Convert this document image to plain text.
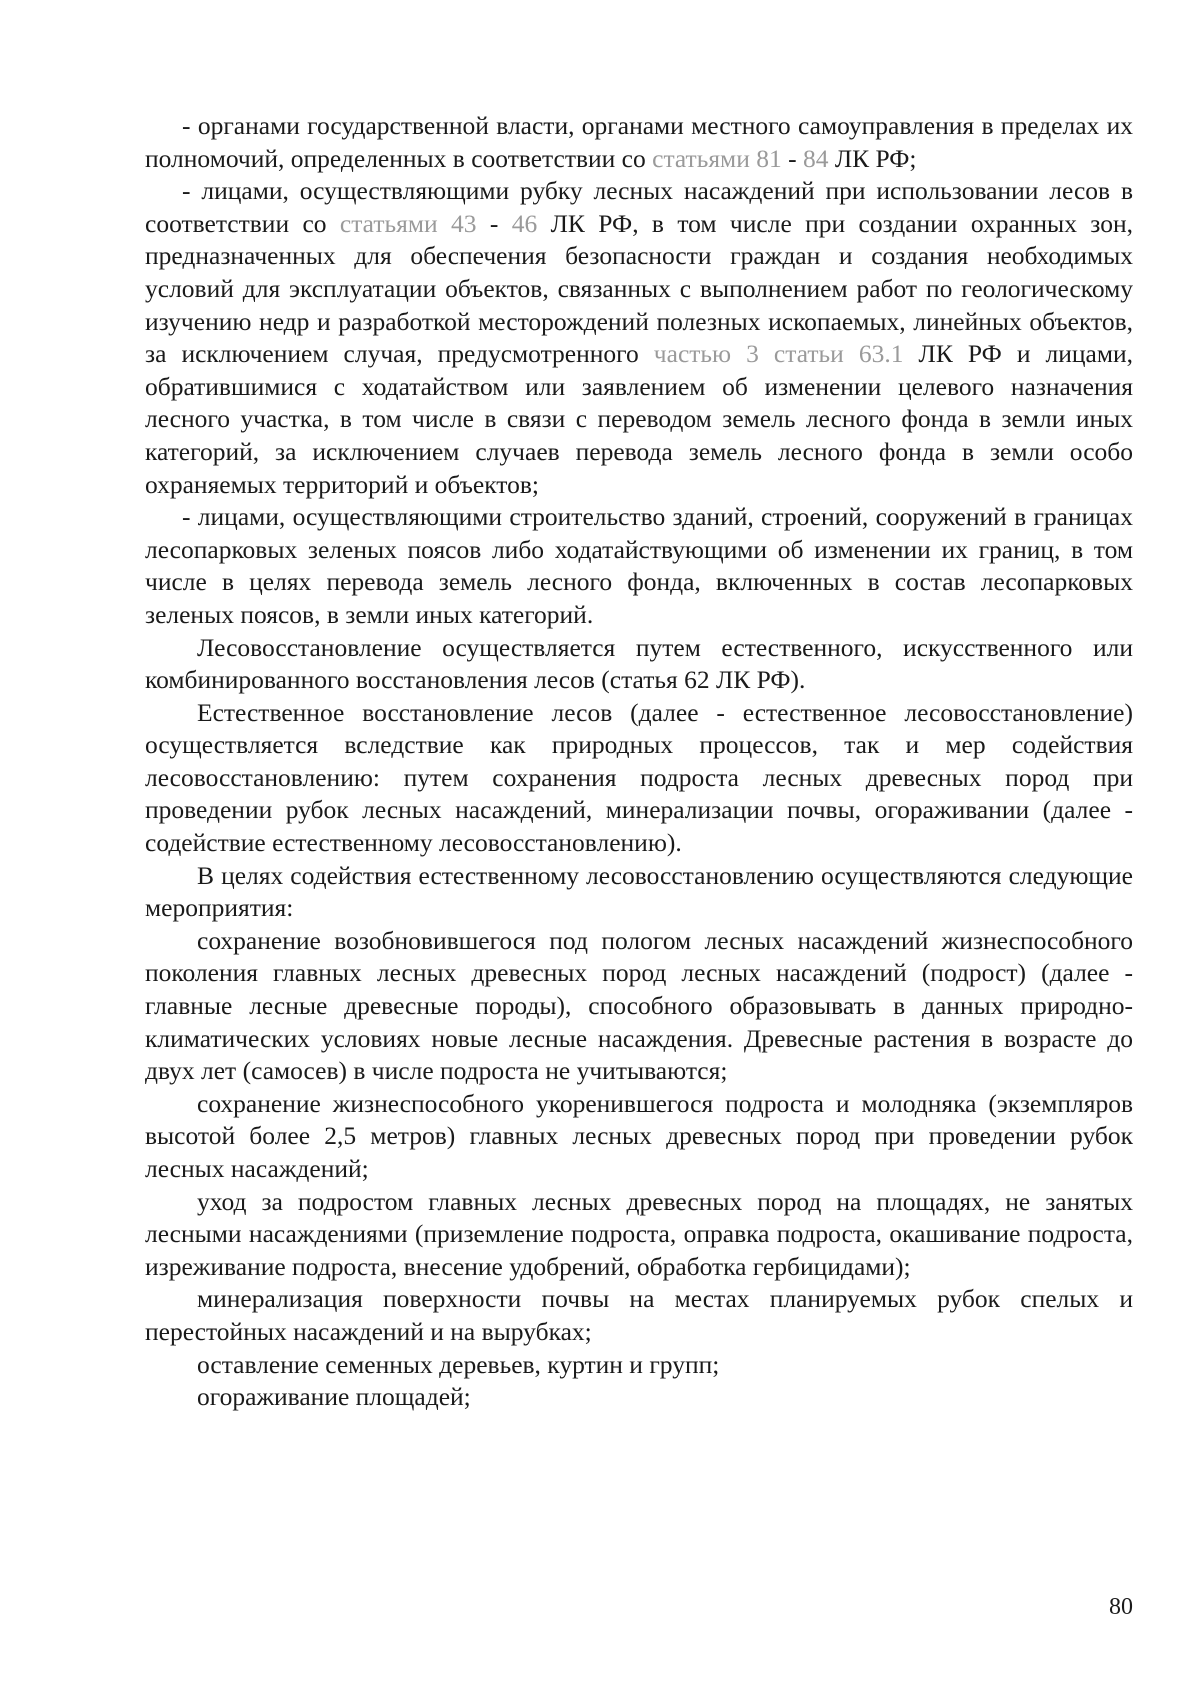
- органами государственной власти, органами местного самоуправления в пределах их полномочий, определенных в соответствии со статьями 81 - 84 ЛК РФ;

- лицами, осуществляющими рубку лесных насаждений при использовании лесов в соответствии со статьями 43 - 46 ЛК РФ, в том числе при создании охранных зон, предназначенных для обеспечения безопасности граждан и создания необходимых условий для эксплуатации объектов, связанных с выполнением работ по геологическому изучению недр и разработкой месторождений полезных ископаемых, линейных объектов, за исключением случая, предусмотренного частью 3 статьи 63.1 ЛК РФ и лицами, обратившимися с ходатайством или заявлением об изменении целевого назначения лесного участка, в том числе в связи с переводом земель лесного фонда в земли иных категорий, за исключением случаев перевода земель лесного фонда в земли особо охраняемых территорий и объектов;

- лицами, осуществляющими строительство зданий, строений, сооружений в границах лесопарковых зеленых поясов либо ходатайствующими об изменении их границ, в том числе в целях перевода земель лесного фонда, включенных в состав лесопарковых зеленых поясов, в земли иных категорий.

Лесовосстановление осуществляется путем естественного, искусственного или комбинированного восстановления лесов (статья 62 ЛК РФ).

Естественное восстановление лесов (далее - естественное лесовосстановление) осуществляется вследствие как природных процессов, так и мер содействия лесовосстановлению: путем сохранения подроста лесных древесных пород при проведении рубок лесных насаждений, минерализации почвы, огораживании (далее - содействие естественному лесовосстановлению).

В целях содействия естественному лесовосстановлению осуществляются следующие мероприятия:

сохранение возобновившегося под пологом лесных насаждений жизнеспособного поколения главных лесных древесных пород лесных насаждений (подрост) (далее - главные лесные древесные породы), способного образовывать в данных природно-климатических условиях новые лесные насаждения. Древесные растения в возрасте до двух лет (самосев) в числе подроста не учитываются;

сохранение жизнеспособного укоренившегося подроста и молодняка (экземпляров высотой более 2,5 метров) главных лесных древесных пород при проведении рубок лесных насаждений;

уход за подростом главных лесных древесных пород на площадях, не занятых лесными насаждениями (приземление подроста, оправка подроста, окашивание подроста, изреживание подроста, внесение удобрений, обработка гербицидами);

минерализация поверхности почвы на местах планируемых рубок спелых и перестойных насаждений и на вырубках;

оставление семенных деревьев, куртин и групп;

огораживание площадей;

80
